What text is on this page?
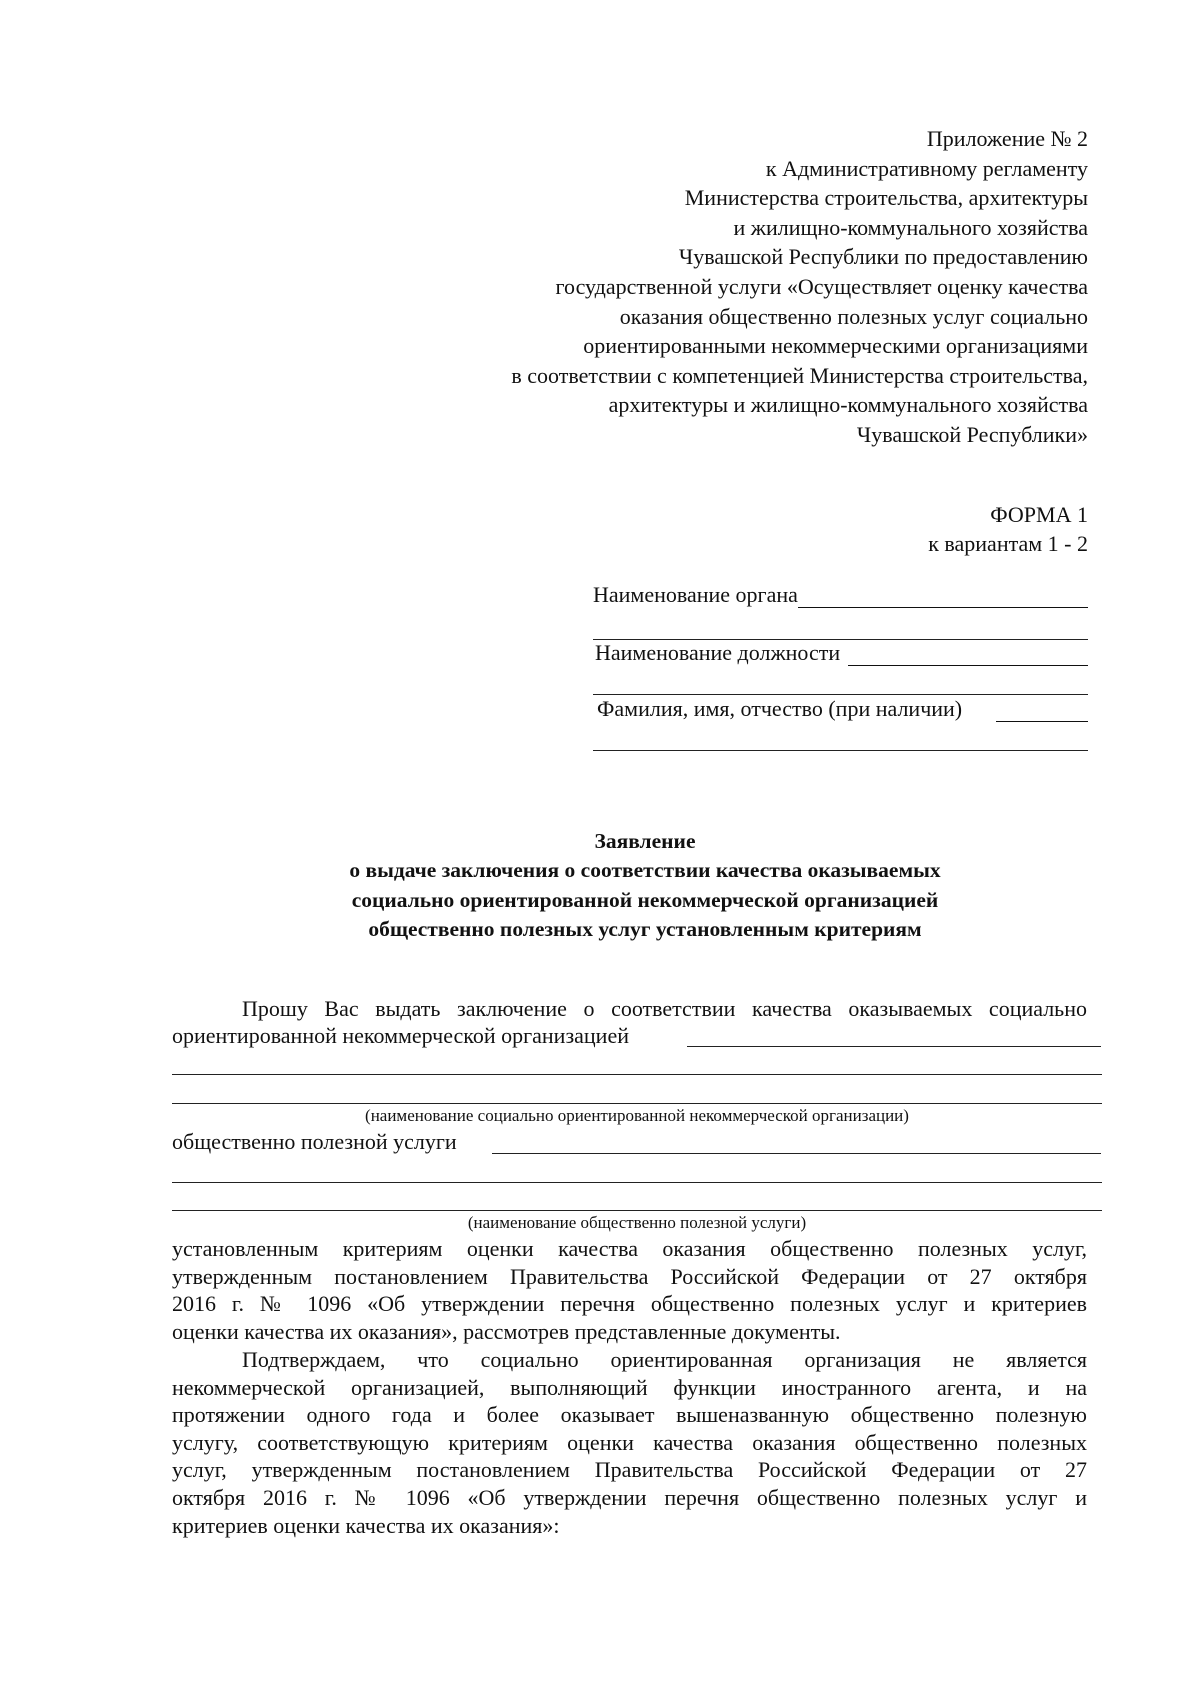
Приложение № 2
к Административному регламенту
Министерства строительства, архитектуры
и жилищно-коммунального хозяйства
Чувашской Республики по предоставлению
государственной услуги «Осуществляет оценку качества
оказания общественно полезных услуг социально
ориентированными некоммерческими организациями
в соответствии с компетенцией Министерства строительства,
архитектуры и жилищно-коммунального хозяйства
Чувашской Республики»
ФОРМА 1
к вариантам 1 - 2
Наименование органа
Наименование должности
Фамилия, имя, отчество (при наличии)
Заявление
о выдаче заключения о соответствии качества оказываемых
социально ориентированной некоммерческой организацией
общественно полезных услуг установленным критериям
Прошу Вас выдать заключение о соответствии качества оказываемых социально
ориентированной некоммерческой организацией
(наименование социально ориентированной некоммерческой организации)
общественно полезной услуги
(наименование общественно полезной услуги)
установленным критериям оценки качества оказания общественно полезных услуг,
утвержденным постановлением Правительства Российской Федерации от 27 октября
2016 г. № 1096 «Об утверждении перечня общественно полезных услуг и критериев
оценки качества их оказания», рассмотрев представленные документы.
Подтверждаем, что социально ориентированная организация не является
некоммерческой организацией, выполняющий функции иностранного агента, и на
протяжении одного года и более оказывает вышеназванную общественно полезную
услугу, соответствующую критериям оценки качества оказания общественно полезных
услуг, утвержденным постановлением Правительства Российской Федерации от 27
октября 2016 г. № 1096 «Об утверждении перечня общественно полезных услуг и
критериев оценки качества их оказания»:
